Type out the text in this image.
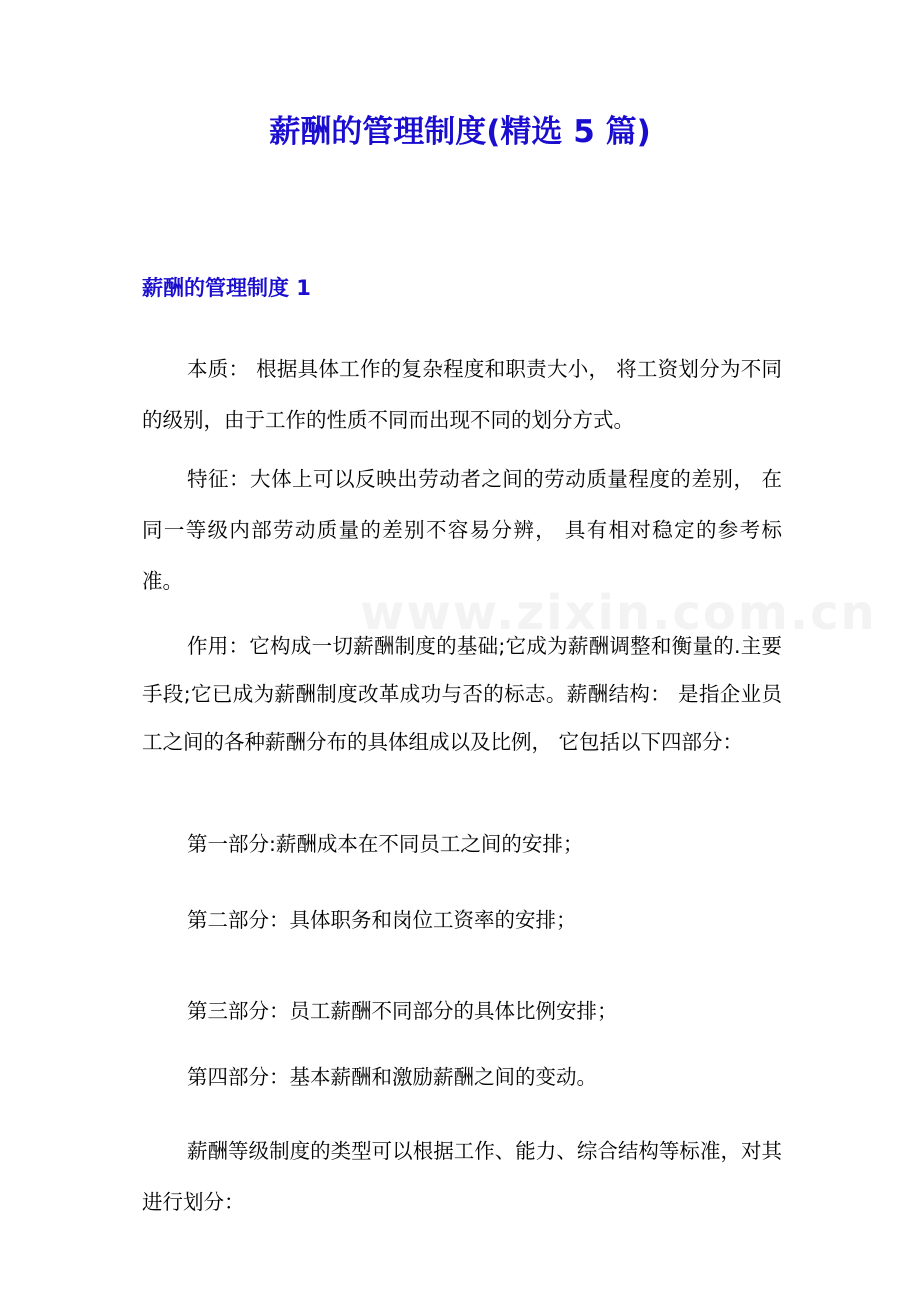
www.zixin.com.cn
薪酬的管理制度(精选 5 篇)
薪酬的管理制度 1

本质： 根据具体工作的复杂程度和职责大小， 将工资划分为不同的级别，由于工作的性质不同而出现不同的划分方式。

特征：大体上可以反映出劳动者之间的劳动质量程度的差别， 在同一等级内部劳动质量的差别不容易分辨， 具有相对稳定的参考标准。

作用：它构成一切薪酬制度的基础;它成为薪酬调整和衡量的.主要手段;它已成为薪酬制度改革成功与否的标志。薪酬结构： 是指企业员工之间的各种薪酬分布的具体组成以及比例， 它包括以下四部分：

第一部分:薪酬成本在不同员工之间的安排；

第二部分：具体职务和岗位工资率的安排；

第三部分：员工薪酬不同部分的具体比例安排；

第四部分：基本薪酬和激励薪酬之间的变动。

薪酬等级制度的类型可以根据工作、能力、综合结构等标准，对其进行划分：
